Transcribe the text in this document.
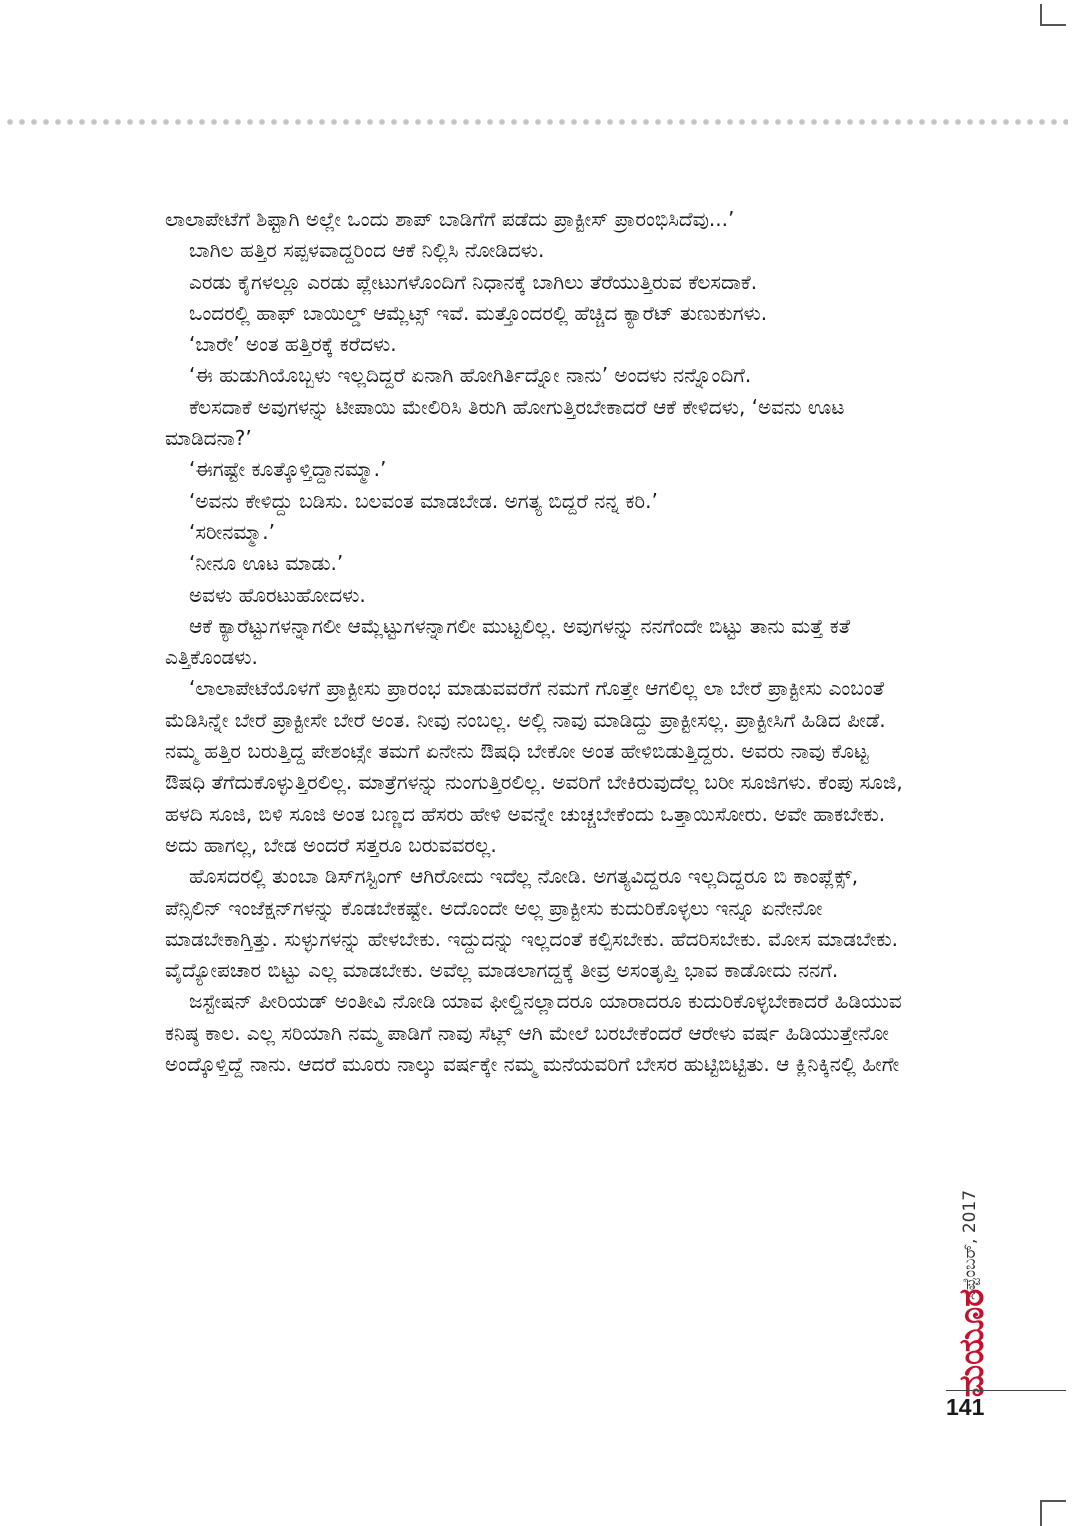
ಲಾಲಾಪೇಟೆಗೆ ಶಿಫ್ಟಾಗಿ ಅಲ್ಲೇ ಒಂದು ಶಾಪ್ ಬಾಡಿಗೆಗೆ ಪಡೆದು ಪ್ರಾಕ್ಟೀಸ್ ಪ್ರಾರಂಭಿಸಿದೆವು...’

ಬಾಗಿಲ ಹತ್ತಿರ ಸಪ್ಪಳವಾದ್ದರಿಂದ ಆಕೆ ನಿಲ್ಲಿಸಿ ನೋಡಿದಳು.

ಎರಡು ಕೈಗಳಲ್ಲೂ ಎರಡು ಪ್ಲೇಟುಗಳೊಂದಿಗೆ ನಿಧಾನಕ್ಕೆ ಬಾಗಿಲು ತೆರೆಯುತ್ತಿರುವ ಕೆಲಸದಾಕೆ.

ಒಂದರಲ್ಲಿ ಹಾಫ್ ಬಾಯಿಲ್ಡ್ ಆಮ್ಲೆಟ್ಸ್ ಇವೆ. ಮತ್ತೊಂದರಲ್ಲಿ ಹೆಚ್ಚಿದ ಕ್ಯಾರೆಟ್ ತುಣುಕುಗಳು.

‘ಬಾರೇ’ ಅಂತ ಹತ್ತಿರಕ್ಕೆ ಕರೆದಳು.

‘ಈ ಹುಡುಗಿಯೊಬ್ಬಳು ಇಲ್ಲದಿದ್ದರೆ ಏನಾಗಿ ಹೋಗಿರ್ತಿದ್ನೋ ನಾನು’ ಅಂದಳು ನನ್ನೊಂದಿಗೆ.

ಕೆಲಸದಾಕೆ ಅವುಗಳನ್ನು ಟೀಪಾಯಿ ಮೇಲಿರಿಸಿ ತಿರುಗಿ ಹೋಗುತ್ತಿರಬೇಕಾದರೆ ಆಕೆ ಕೇಳಿದಳು, ‘ಅವನು ಊಟ ಮಾಡಿದನಾ?’

‘ಈಗಷ್ಟೇ ಕೂತ್ಕೊಳ್ತಿದ್ದಾನಮ್ಮಾ.’

‘ಅವನು ಕೇಳಿದ್ದು ಬಡಿಸು. ಬಲವಂತ ಮಾಡಬೇಡ. ಅಗತ್ಯ ಬಿದ್ದರೆ ನನ್ನ ಕರಿ.’

‘ಸರೀನಮ್ಮಾ.’

‘ನೀನೂ ಊಟ ಮಾಡು.’

ಅವಳು ಹೊರಟುಹೋದಳು.

ಆಕೆ ಕ್ಯಾರೆಟ್ಟುಗಳನ್ನಾಗಲೀ ಆಮ್ಲೆಟ್ಟುಗಳನ್ನಾಗಲೀ ಮುಟ್ಟಲಿಲ್ಲ. ಅವುಗಳನ್ನು ನನಗೆಂದೇ ಬಿಟ್ಟು ತಾನು ಮತ್ತೆ ಕತೆ ಎತ್ತಿಕೊಂಡಳು.

‘ಲಾಲಾಪೇಟೆಯೊಳಗೆ ಪ್ರಾಕ್ಟೀಸು ಪ್ರಾರಂಭ ಮಾಡುವವರೆಗೆ ನಮಗೆ ಗೊತ್ತೇ ಆಗಲಿಲ್ಲ ಲಾ ಬೇರೆ ಪ್ರಾಕ್ಟೀಸು ಎಂಬಂತೆ ಮೆಡಿಸಿನ್ನೇ ಬೇರೆ ಪ್ರಾಕ್ಟೀಸೇ ಬೇರೆ ಅಂತ. ನೀವು ನಂಬಲ್ಲ. ಅಲ್ಲಿ ನಾವು ಮಾಡಿದ್ದು ಪ್ರಾಕ್ಟೀಸಲ್ಲ. ಪ್ರಾಕ್ಟೀಸಿಗೆ ಹಿಡಿದ ಪೀಡೆ. ನಮ್ಮ ಹತ್ತಿರ ಬರುತ್ತಿದ್ದ ಪೇಶಂಟ್ಸೇ ತಮಗೆ ಏನೇನು ಔಷಧಿ ಬೇಕೋ ಅಂತ ಹೇಳಿಬಿಡುತ್ತಿದ್ದರು. ಅವರು ನಾವು ಕೊಟ್ಟ ಔಷಧಿ ತೆಗೆದುಕೊಳ್ಳುತ್ತಿರಲಿಲ್ಲ. ಮಾತ್ರೆಗಳನ್ನು ನುಂಗುತ್ತಿರಲಿಲ್ಲ. ಅವರಿಗೆ ಬೇಕಿರುವುದೆಲ್ಲ ಬರೀ ಸೂಜಿಗಳು. ಕೆಂಪು ಸೂಜಿ, ಹಳದಿ ಸೂಜಿ, ಬಿಳಿ ಸೂಜಿ ಅಂತ ಬಣ್ಣದ ಹೆಸರು ಹೇಳಿ ಅವನ್ನೇ ಚುಚ್ಚಬೇಕೆಂದು ಒತ್ತಾಯಿಸೋರು. ಅವೇ ಹಾಕಬೇಕು. ಅದು ಹಾಗಲ್ಲ, ಬೇಡ ಅಂದರೆ ಸತ್ತರೂ ಬರುವವರಲ್ಲ.

ಹೊಸದರಲ್ಲಿ ತುಂಬಾ ಡಿಸ್‌ಗಸ್ಟಿಂಗ್ ಆಗಿರೋದು ಇದೆಲ್ಲ ನೋಡಿ. ಅಗತ್ಯವಿದ್ದರೂ ಇಲ್ಲದಿದ್ದರೂ ಬಿ ಕಾಂಪ್ಲೆಕ್ಸ್, ಪೆನ್ಸಿಲಿನ್ ಇಂಜೆಕ್ಷನ್‌ಗಳನ್ನು ಕೊಡಬೇಕಷ್ಟೇ. ಅದೊಂದೇ ಅಲ್ಲ ಪ್ರಾಕ್ಟೀಸು ಕುದುರಿಕೊಳ್ಳಲು ಇನ್ನೂ ಏನೇನೋ ಮಾಡಬೇಕಾಗ್ತಿತ್ತು. ಸುಳ್ಳುಗಳನ್ನು ಹೇಳಬೇಕು. ಇದ್ದುದನ್ನು ಇಲ್ಲದಂತೆ ಕಲ್ಪಿಸಬೇಕು. ಹೆದರಿಸಬೇಕು. ಮೋಸ ಮಾಡಬೇಕು. ವೈದ್ಯೋಪಚಾರ ಬಿಟ್ಟು ಎಲ್ಲ ಮಾಡಬೇಕು. ಅವೆಲ್ಲ ಮಾಡಲಾಗದ್ದಕ್ಕೆ ತೀವ್ರ ಅಸಂತೃಪ್ತಿ ಭಾವ ಕಾಡೋದು ನನಗೆ.

ಜಸ್ಟೇಷನ್ ಪೀರಿಯಡ್ ಅಂತೀವಿ ನೋಡಿ ಯಾವ ಫೀಲ್ಡಿನಲ್ಲಾದರೂ ಯಾರಾದರೂ ಕುದುರಿಕೊಳ್ಳಬೇಕಾದರೆ ಹಿಡಿಯುವ ಕನಿಷ್ಠ ಕಾಲ. ಎಲ್ಲ ಸರಿಯಾಗಿ ನಮ್ಮ ಪಾಡಿಗೆ ನಾವು ಸೆಟ್ಲ್ ಆಗಿ ಮೇಲೆ ಬರಬೇಕೆಂದರೆ ಆರೇಳು ವರ್ಷ ಹಿಡಿಯುತ್ತೇನೋ ಅಂದ್ಕೊಳ್ತಿದ್ದೆ ನಾನು. ಆದರೆ ಮೂರು ನಾಲ್ಕು ವರ್ಷಕ್ಕೇ ನಮ್ಮ ಮನೆಯವರಿಗೆ ಬೇಸರ ಹುಟ್ಟಿಬಿಟ್ಟಿತು. ಆ ಕ್ಲಿನಿಕ್ಕಿನಲ್ಲಿ ಹೀಗೇ

ಸೆಪ್ಟೆಂಬರ್, 2017
ಮಯೂರ
141
